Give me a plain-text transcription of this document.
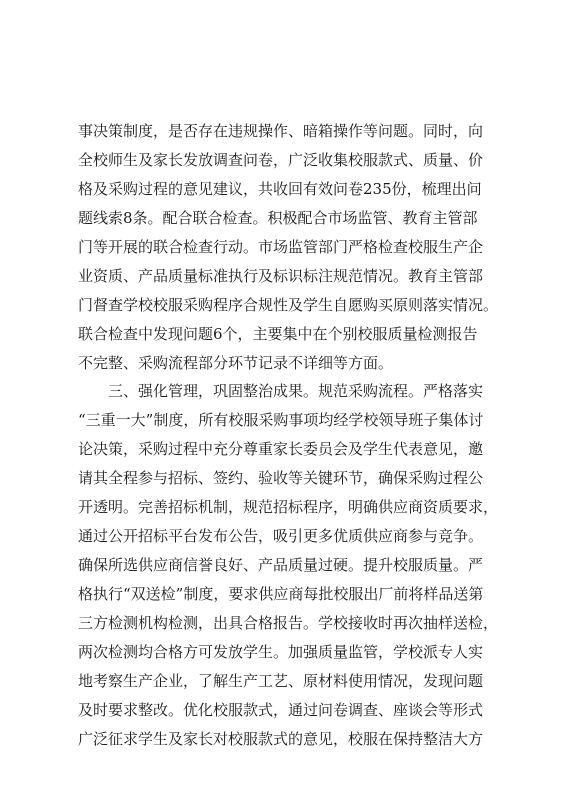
事决策制度，是否存在违规操作、暗箱操作等问题。同时，向
全校师生及家长发放调查问卷，广泛收集校服款式、质量、价
格及采购过程的意见建议，共收回有效问卷235份，梳理出问
题线索8条。配合联合检查。积极配合市场监管、教育主管部
门等开展的联合检查行动。市场监管部门严格检查校服生产企
业资质、产品质量标准执行及标识标注规范情况。教育主管部
门督查学校校服采购程序合规性及学生自愿购买原则落实情况。
联合检查中发现问题6个，主要集中在个别校服质量检测报告
不完整、采购流程部分环节记录不详细等方面。
　　三、强化管理，巩固整治成果。规范采购流程。严格落实
“三重一大”制度，所有校服采购事项均经学校领导班子集体讨
论决策，采购过程中充分尊重家长委员会及学生代表意见，邀
请其全程参与招标、签约、验收等关键环节，确保采购过程公
开透明。完善招标机制，规范招标程序，明确供应商资质要求，
通过公开招标平台发布公告，吸引更多优质供应商参与竞争。
确保所选供应商信誉良好、产品质量过硬。提升校服质量。严
格执行“双送检”制度，要求供应商每批校服出厂前将样品送第
三方检测机构检测，出具合格报告。学校接收时再次抽样送检，
两次检测均合格方可发放学生。加强质量监管，学校派专人实
地考察生产企业，了解生产工艺、原材料使用情况，发现问题
及时要求整改。优化校服款式，通过问卷调查、座谈会等形式
广泛征求学生及家长对校服款式的意见，校服在保持整洁大方
